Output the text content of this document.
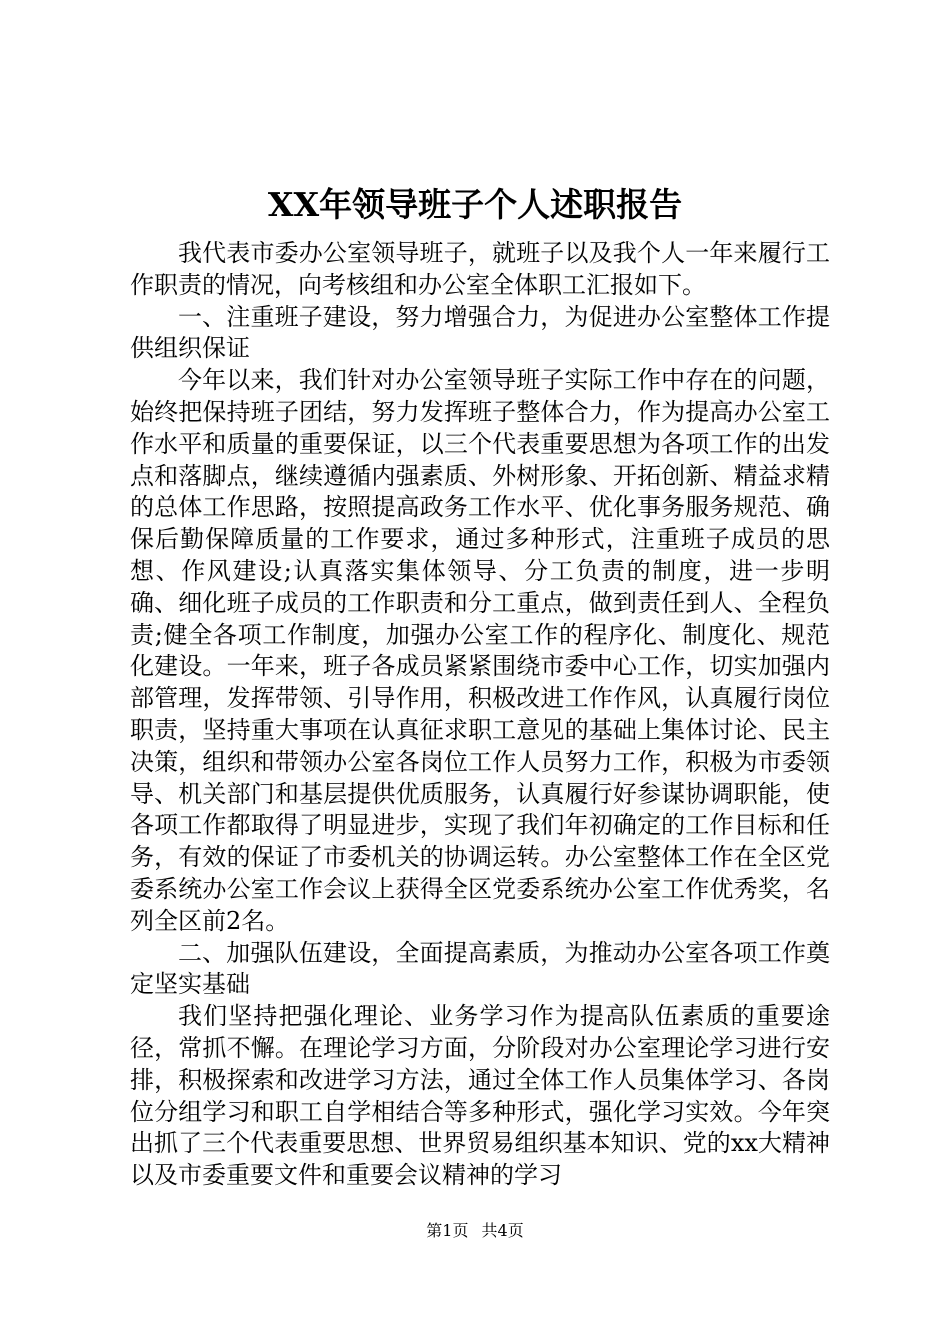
XX年领导班子个人述职报告

我代表市委办公室领导班子，就班子以及我个人一年来履行工作职责的情况，向考核组和办公室全体职工汇报如下。

一、注重班子建设，努力增强合力，为促进办公室整体工作提供组织保证

今年以来，我们针对办公室领导班子实际工作中存在的问题，始终把保持班子团结，努力发挥班子整体合力，作为提高办公室工作水平和质量的重要保证，以三个代表重要思想为各项工作的出发点和落脚点，继续遵循内强素质、外树形象、开拓创新、精益求精的总体工作思路，按照提高政务工作水平、优化事务服务规范、确保后勤保障质量的工作要求，通过多种形式，注重班子成员的思想、作风建设;认真落实集体领导、分工负责的制度，进一步明确、细化班子成员的工作职责和分工重点，做到责任到人、全程负责;健全各项工作制度，加强办公室工作的程序化、制度化、规范化建设。一年来，班子各成员紧紧围绕市委中心工作，切实加强内部管理，发挥带领、引导作用，积极改进工作作风，认真履行岗位职责，坚持重大事项在认真征求职工意见的基础上集体讨论、民主决策，组织和带领办公室各岗位工作人员努力工作，积极为市委领导、机关部门和基层提供优质服务，认真履行好参谋协调职能，使各项工作都取得了明显进步，实现了我们年初确定的工作目标和任务，有效的保证了市委机关的协调运转。办公室整体工作在全区党委系统办公室工作会议上获得全区党委系统办公室工作优秀奖，名列全区前2名。

二、加强队伍建设，全面提高素质，为推动办公室各项工作奠定坚实基础

我们坚持把强化理论、业务学习作为提高队伍素质的重要途径，常抓不懈。在理论学习方面，分阶段对办公室理论学习进行安排，积极探索和改进学习方法，通过全体工作人员集体学习、各岗位分组学习和职工自学相结合等多种形式，强化学习实效。今年突出抓了三个代表重要思想、世界贸易组织基本知识、党的xx大精神以及市委重要文件和重要会议精神的学习

第1页 共4页
